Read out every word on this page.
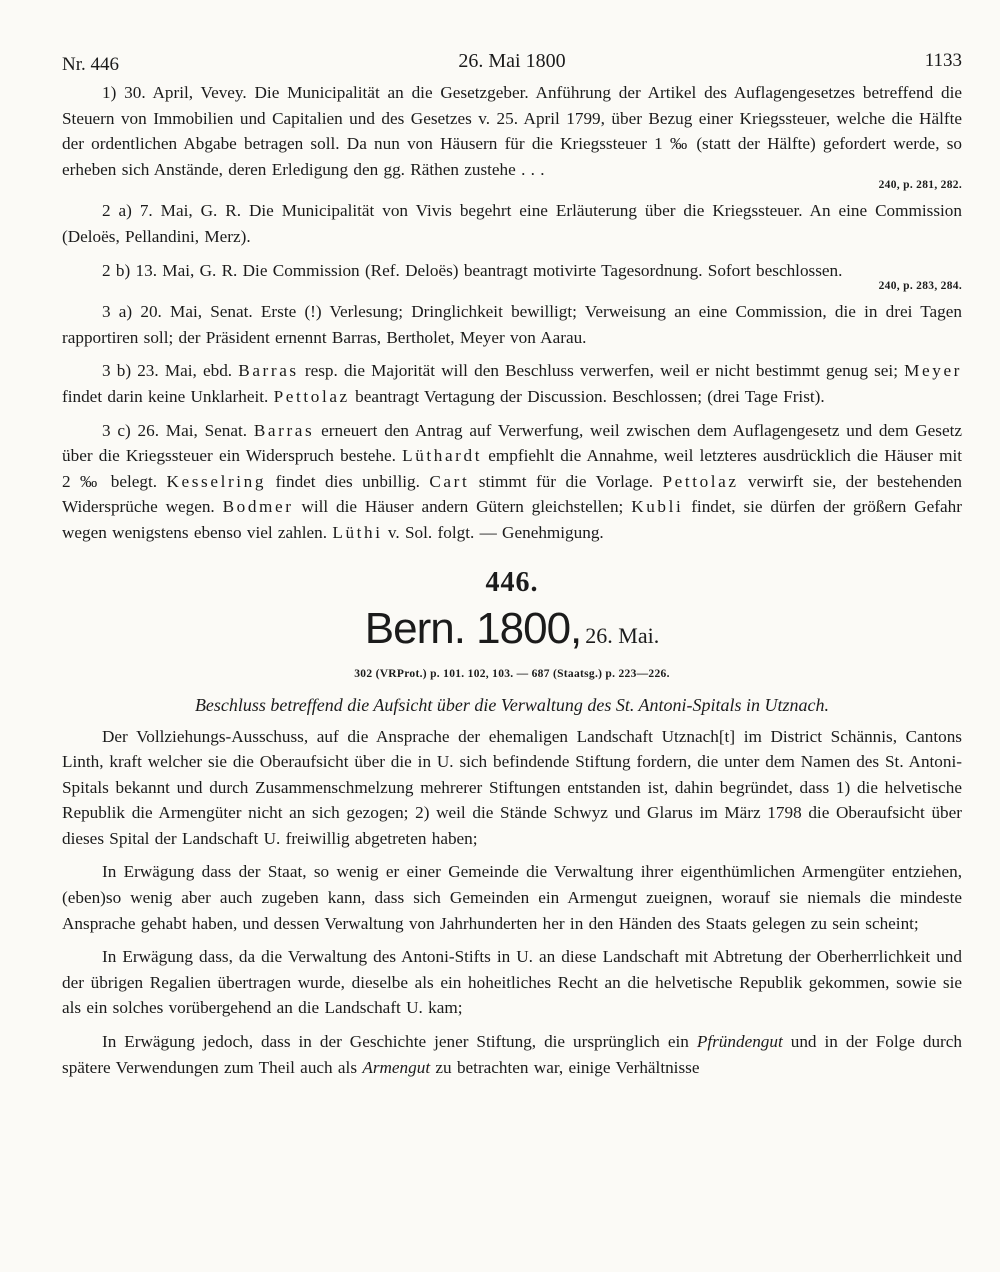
Nr. 446	26. Mai 1800	1133

1) 30. April, Vevey. Die Municipalität an die Gesetzgeber. Anführung der Artikel des Auflagengesetzes betreffend die Steuern von Immobilien und Capitalien und des Gesetzes v. 25. April 1799, über Bezug einer Kriegssteuer, welche die Hälfte der ordentlichen Abgabe betragen soll. Da nun von Häusern für die Kriegssteuer 1 ‰ (statt der Hälfte) gefordert werde, so erheben sich Anstände, deren Erledigung den gg. Räthen zustehe . . .

240, p. 281, 282.

2 a) 7. Mai, G. R. Die Municipalität von Vivis begehrt eine Erläuterung über die Kriegssteuer. An eine Commission (Deloës, Pellandini, Merz).

2 b) 13. Mai, G. R. Die Commission (Ref. Deloës) beantragt motivirte Tagesordnung. Sofort beschlossen.

240, p. 283, 284.

3 a) 20. Mai, Senat. Erste (!) Verlesung; Dringlichkeit bewilligt; Verweisung an eine Commission, die in drei Tagen rapportiren soll; der Präsident ernennt Barras, Bertholet, Meyer von Aarau.

3 b) 23. Mai, ebd. Barras resp. die Majorität will den Beschluss verwerfen, weil er nicht bestimmt genug sei; Meyer findet darin keine Unklarheit. Pettolaz beantragt Vertagung der Discussion. Beschlossen; (drei Tage Frist).

3 c) 26. Mai, Senat. Barras erneuert den Antrag auf Verwerfung, weil zwischen dem Auflagengesetz und dem Gesetz über die Kriegssteuer ein Widerspruch bestehe. Lüthardt empfiehlt die Annahme, weil letzteres ausdrücklich die Häuser mit 2 ‰ belegt. Kesselring findet dies unbillig. Cart stimmt für die Vorlage. Pettolaz verwirft sie, der bestehenden Widersprüche wegen. Bodmer will die Häuser andern Gütern gleichstellen; Kubli findet, sie dürfen der größern Gefahr wegen wenigstens ebenso viel zahlen. Lüthi v. Sol. folgt. — Genehmigung.

446.
Bern. 1800, 26. Mai.
302 (VRProt.) p. 101. 102, 103. — 687 (Staatsg.) p. 223—226.
Beschluss betreffend die Aufsicht über die Verwaltung des St. Antoni-Spitals in Utznach.

Der Vollziehungs-Ausschuss, auf die Ansprache der ehemaligen Landschaft Utznach[t] im District Schännis, Cantons Linth, kraft welcher sie die Oberaufsicht über die in U. sich befindende Stiftung fordern, die unter dem Namen des St. Antoni-Spitals bekannt und durch Zusammenschmelzung mehrerer Stiftungen entstanden ist, dahin begründet, dass 1) die helvetische Republik die Armengüter nicht an sich gezogen; 2) weil die Stände Schwyz und Glarus im März 1798 die Oberaufsicht über dieses Spital der Landschaft U. freiwillig abgetreten haben;

In Erwägung dass der Staat, so wenig er einer Gemeinde die Verwaltung ihrer eigenthümlichen Armengüter entziehen, (eben)so wenig aber auch zugeben kann, dass sich Gemeinden ein Armengut zueignen, worauf sie niemals die mindeste Ansprache gehabt haben, und dessen Verwaltung von Jahrhunderten her in den Händen des Staats gelegen zu sein scheint;

In Erwägung dass, da die Verwaltung des Antoni-Stifts in U. an diese Landschaft mit Abtretung der Oberherrlichkeit und der übrigen Regalien übertragen wurde, dieselbe als ein hoheitliches Recht an die helvetische Republik gekommen, sowie sie als ein solches vorübergehend an die Landschaft U. kam;

In Erwägung jedoch, dass in der Geschichte jener Stiftung, die ursprünglich ein Pfründengut und in der Folge durch spätere Verwendungen zum Theil auch als Armengut zu betrachten war, einige Verhältnisse
